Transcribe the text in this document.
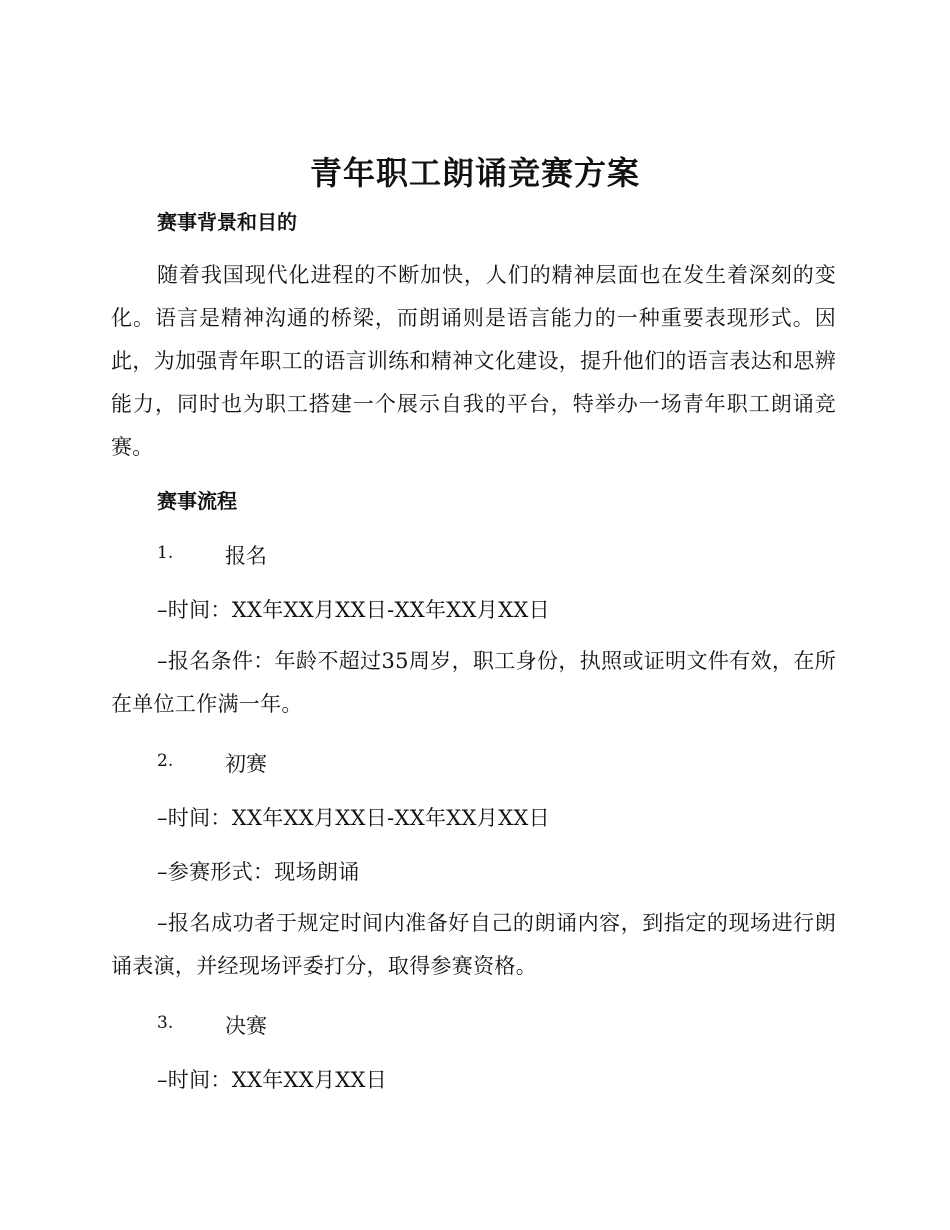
青年职工朗诵竞赛方案
赛事背景和目的
随着我国现代化进程的不断加快，人们的精神层面也在发生着深刻的变化。语言是精神沟通的桥梁，而朗诵则是语言能力的一种重要表现形式。因此，为加强青年职工的语言训练和精神文化建设，提升他们的语言表达和思辨能力，同时也为职工搭建一个展示自我的平台，特举办一场青年职工朗诵竞赛。
赛事流程
1. 报名
–时间：XX年XX月XX日-XX年XX月XX日
–报名条件：年龄不超过35周岁，职工身份，执照或证明文件有效，在所在单位工作满一年。
2. 初赛
–时间：XX年XX月XX日-XX年XX月XX日
–参赛形式：现场朗诵
–报名成功者于规定时间内准备好自己的朗诵内容，到指定的现场进行朗诵表演，并经现场评委打分，取得参赛资格。
3. 决赛
–时间：XX年XX月XX日
